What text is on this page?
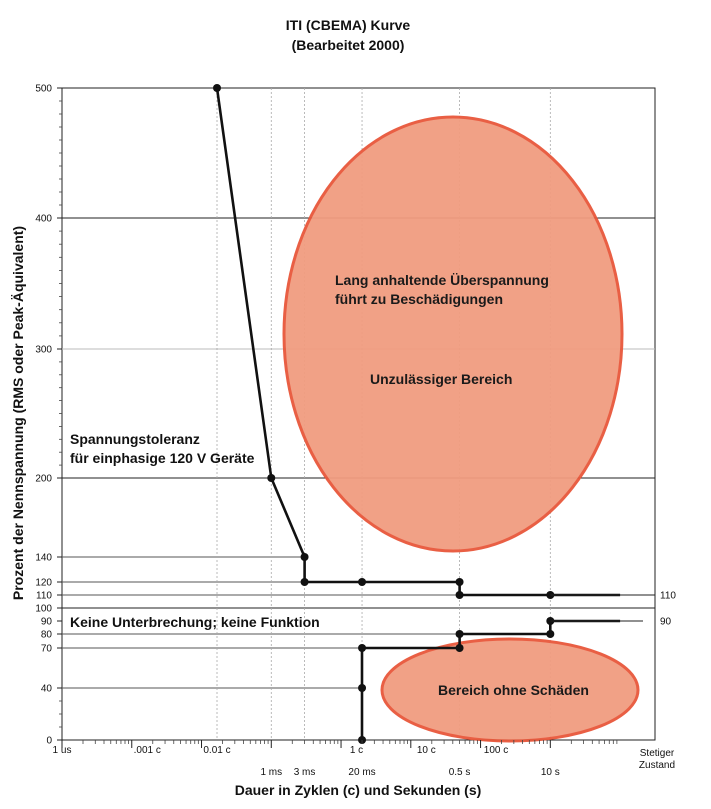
ITI (CBEMA) Kurve
(Bearbeitet 2000)
0
40
70
80
90
100
110
120
140
200
300
400
500
1 us	.001 c	0.01 c	1 c	10 c	100 c
1 ms 3 ms	20 ms	0.5 s	10 s
Stetiger
Zustand
110
90
Lang anhaltende Überspannung
führt zu Beschädigungen
Unzulässiger Bereich
Bereich ohne Schäden
Spannungstoleranz
für einphasige 120 V Geräte
Keine Unterbrechung; keine Funktion
Dauer in Zyklen (c) und Sekunden (s)
Prozent der Nennspannung (RMS oder Peak-Äquivalent)
